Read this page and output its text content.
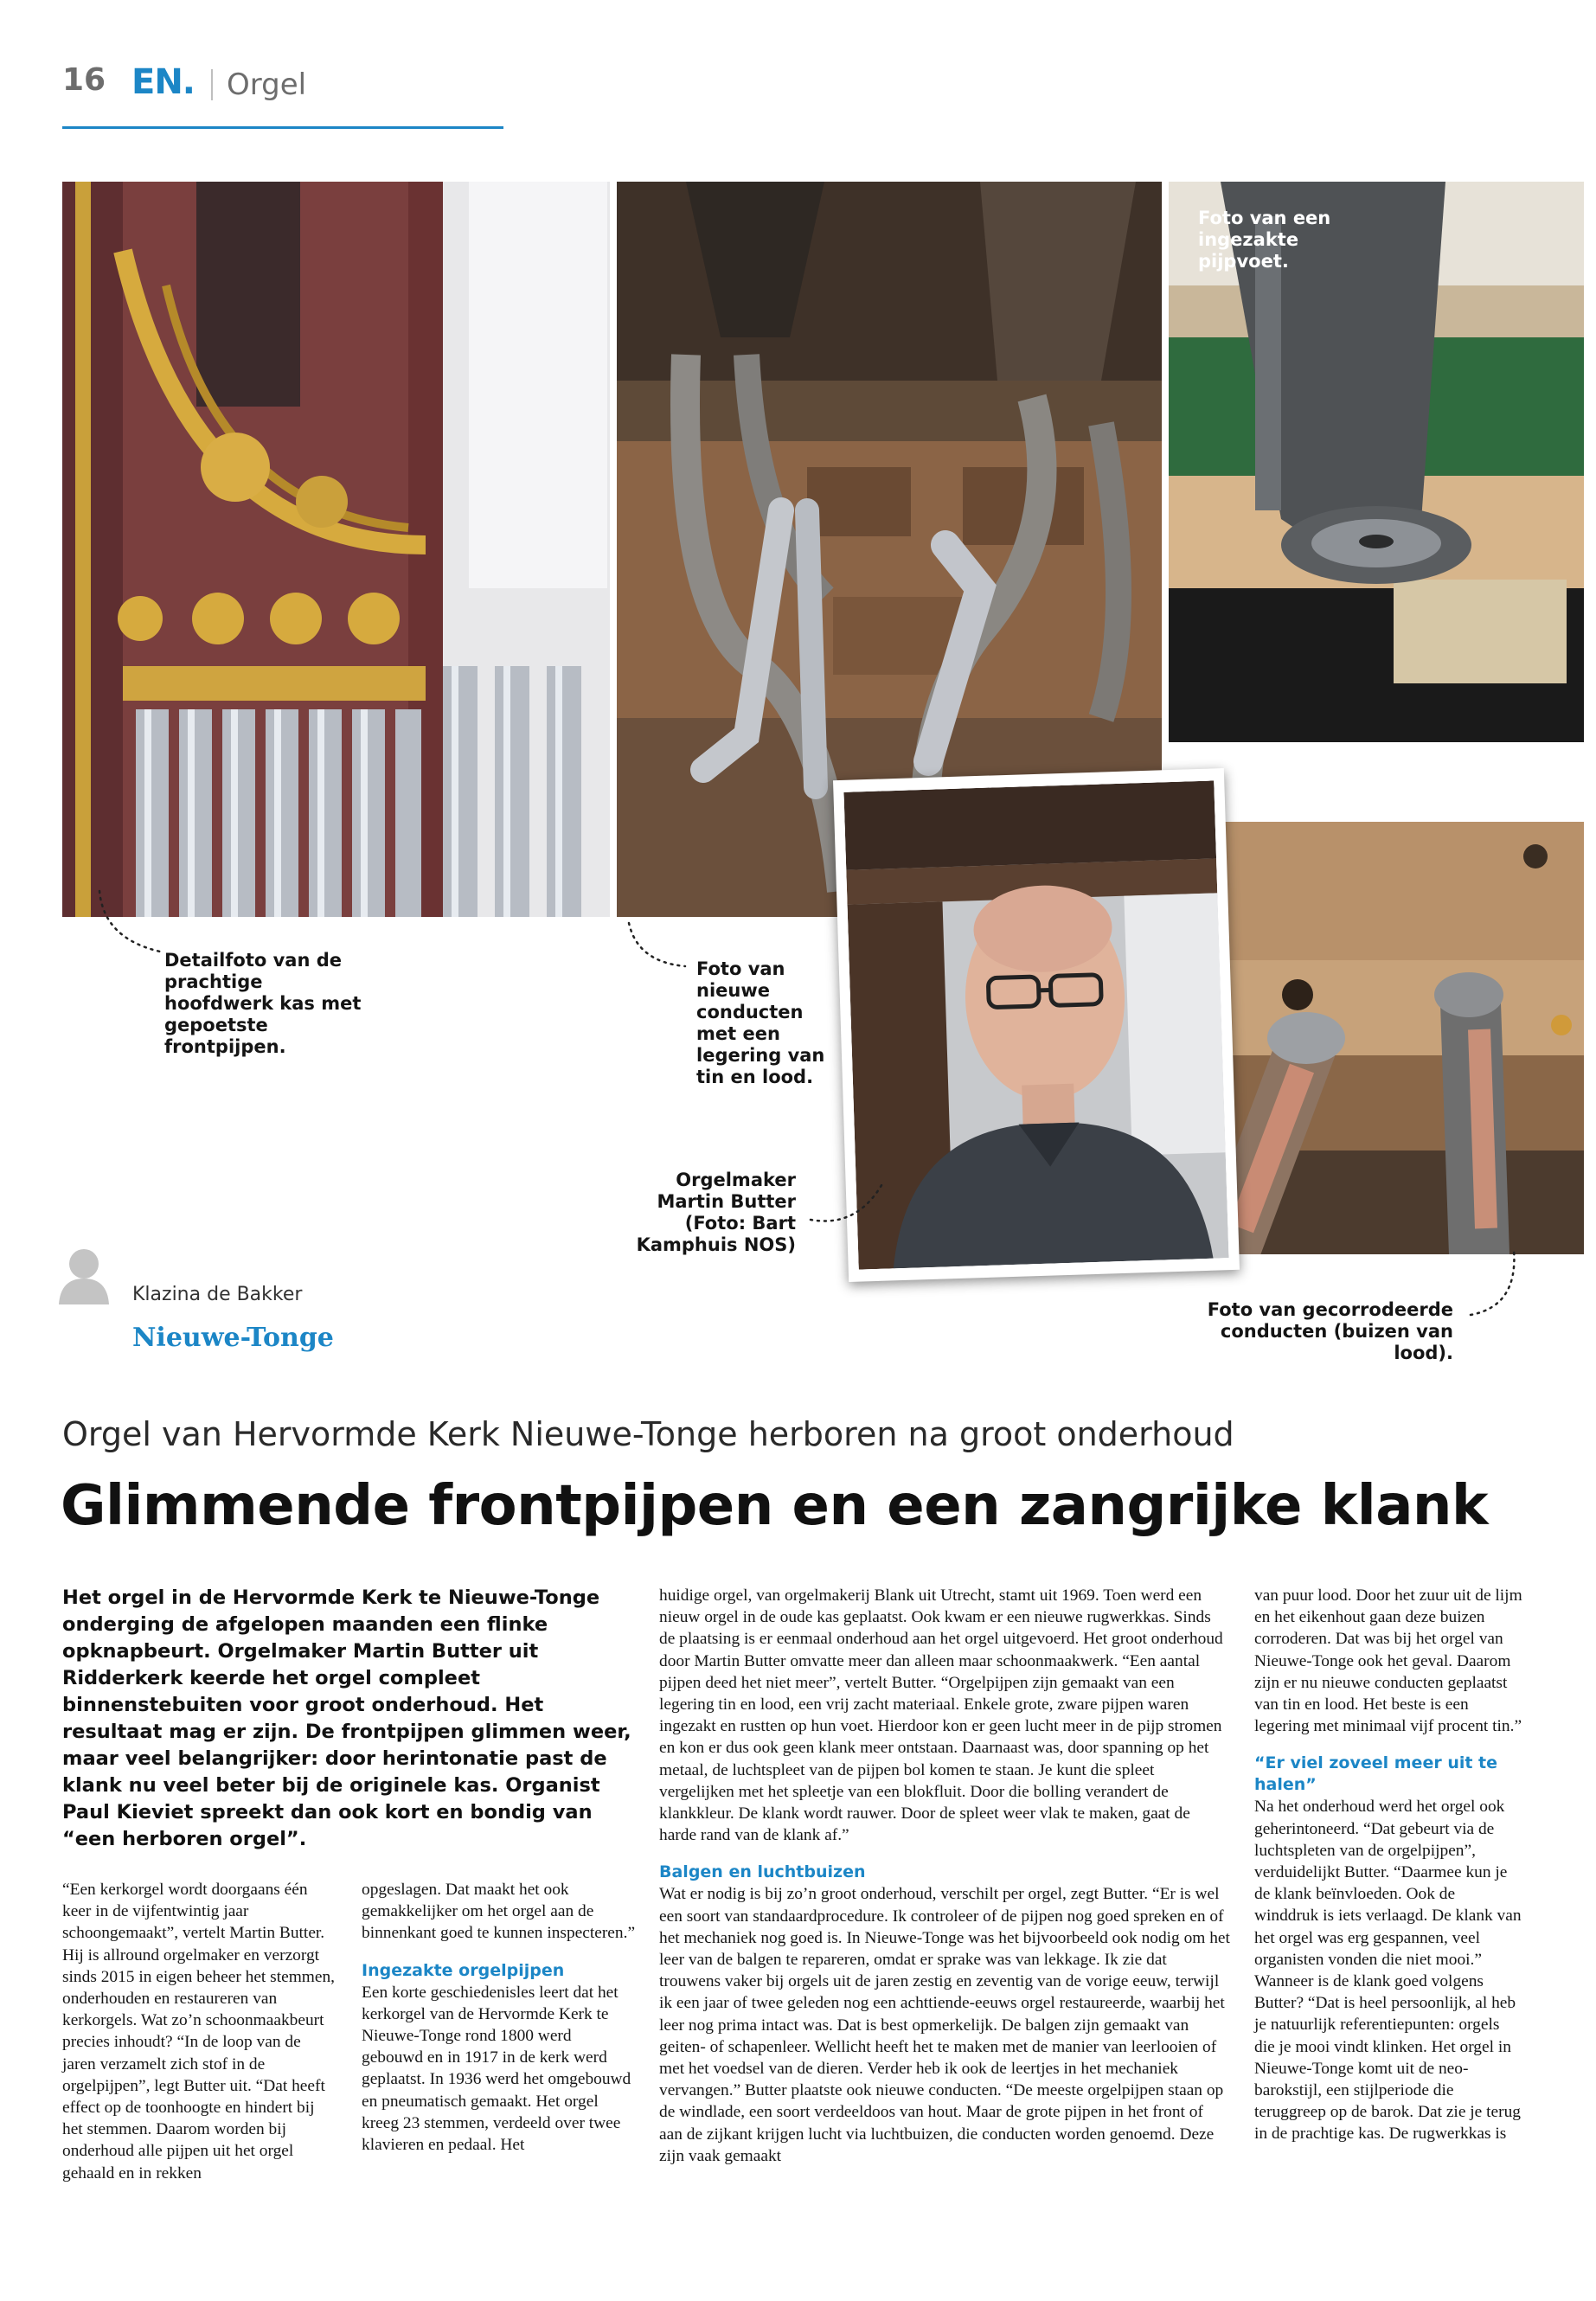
16 EN. Orgel
Foto van een ingezakte pijpvoet.
Detailfoto van de prachtige hoofdwerk kas met gepoetste frontpijpen.
Foto van nieuwe conducten met een legering van tin en lood.
Orgelmaker Martin Butter (Foto: Bart Kamphuis NOS)
Foto van gecorrodeerde conducten (buizen van lood).
Klazina de Bakker
Nieuwe-Tonge
Orgel van Hervormde Kerk Nieuwe-Tonge herboren na groot onderhoud
Glimmende frontpijpen en een zangrijke klank
Het orgel in de Hervormde Kerk te Nieuwe-Tonge onderging de afgelopen maanden een flinke opknapbeurt. Orgelmaker Martin Butter uit Ridderkerk keerde het orgel compleet binnenstebuiten voor groot onderhoud. Het resultaat mag er zijn. De frontpijpen glimmen weer, maar veel belangrijker: door herintonatie past de klank nu veel beter bij de originele kas. Organist Paul Kieviet spreekt dan ook kort en bondig van “een herboren orgel”.
“Een kerkorgel wordt doorgaans één keer in de vijfentwintig jaar schoongemaakt”, vertelt Martin Butter. Hij is allround orgelmaker en verzorgt sinds 2015 in eigen beheer het stemmen, onderhouden en restaureren van kerkorgels. Wat zo’n schoonmaakbeurt precies inhoudt? “In de loop van de jaren verzamelt zich stof in de orgelpijpen”, legt Butter uit. “Dat heeft effect op de toonhoogte en hindert bij het stemmen. Daarom worden bij onderhoud alle pijpen uit het orgel gehaald en in rekken
opgeslagen. Dat maakt het ook gemakkelijker om het orgel aan de binnenkant goed te kunnen inspecteren.”
Ingezakte orgelpijpen
Een korte geschiedenisles leert dat het kerkorgel van de Hervormde Kerk te Nieuwe-Tonge rond 1800 werd gebouwd en in 1917 in de kerk werd geplaatst. In 1936 werd het omgebouwd en pneumatisch gemaakt. Het orgel kreeg 23 stemmen, verdeeld over twee klavieren en pedaal. Het
huidige orgel, van orgelmakerij Blank uit Utrecht, stamt uit 1969. Toen werd een nieuw orgel in de oude kas geplaatst. Ook kwam er een nieuwe rugwerkkas. Sinds de plaatsing is er eenmaal onderhoud aan het orgel uitgevoerd. Het groot onderhoud door Martin Butter omvatte meer dan alleen maar schoonmaakwerk. “Een aantal pijpen deed het niet meer”, vertelt Butter. “Orgelpijpen zijn gemaakt van een legering tin en lood, een vrij zacht materiaal. Enkele grote, zware pijpen waren ingezakt en rustten op hun voet. Hierdoor kon er geen lucht meer in de pijp stromen en kon er dus ook geen klank meer ontstaan. Daarnaast was, door spanning op het metaal, de luchtspleet van de pijpen bol komen te staan. Je kunt die spleet vergelijken met het spleetje van een blokfluit. Door die bolling verandert de klankkleur. De klank wordt rauwer. Door de spleet weer vlak te maken, gaat de harde rand van de klank af.”
Balgen en luchtbuizen
Wat er nodig is bij zo’n groot onderhoud, verschilt per orgel, zegt Butter. “Er is wel een soort van standaardprocedure. Ik controleer of de pijpen nog goed spreken en of het mechaniek nog goed is. In Nieuwe-Tonge was het bijvoorbeeld ook nodig om het leer van de balgen te repareren, omdat er sprake was van lekkage. Ik zie dat trouwens vaker bij orgels uit de jaren zestig en zeventig van de vorige eeuw, terwijl ik een jaar of twee geleden nog een achttiende-eeuws orgel restaureerde, waarbij het leer nog prima intact was. Dat is best opmerkelijk. De balgen zijn gemaakt van geiten- of schapenleer. Wellicht heeft het te maken met de manier van leerlooien of met het voedsel van de dieren. Verder heb ik ook de leertjes in het mechaniek vervangen.” Butter plaatste ook nieuwe conducten. “De meeste orgelpijpen staan op de windlade, een soort verdeeldoos van hout. Maar de grote pijpen in het front of aan de zijkant krijgen lucht via luchtbuizen, die conducten worden genoemd. Deze zijn vaak gemaakt
van puur lood. Door het zuur uit de lijm en het eikenhout gaan deze buizen corroderen. Dat was bij het orgel van Nieuwe-Tonge ook het geval. Daarom zijn er nu nieuwe conducten geplaatst van tin en lood. Het beste is een legering met minimaal vijf procent tin.”
“Er viel zoveel meer uit te halen”
Na het onderhoud werd het orgel ook geherintoneerd. “Dat gebeurt via de luchtspleten van de orgelpijpen”, verduidelijkt Butter. “Daarmee kun je de klank beïnvloeden. Ook de winddruk is iets verlaagd. De klank van het orgel was erg gespannen, veel organisten vonden die niet mooi.” Wanneer is de klank goed volgens Butter? “Dat is heel persoonlijk, al heb je natuurlijk referentiepunten: orgels die je mooi vindt klinken. Het orgel in Nieuwe-Tonge komt uit de neo-barokstijl, een stijlperiode die teruggreep op de barok. Dat zie je terug in de prachtige kas. De rugwerkkas is
